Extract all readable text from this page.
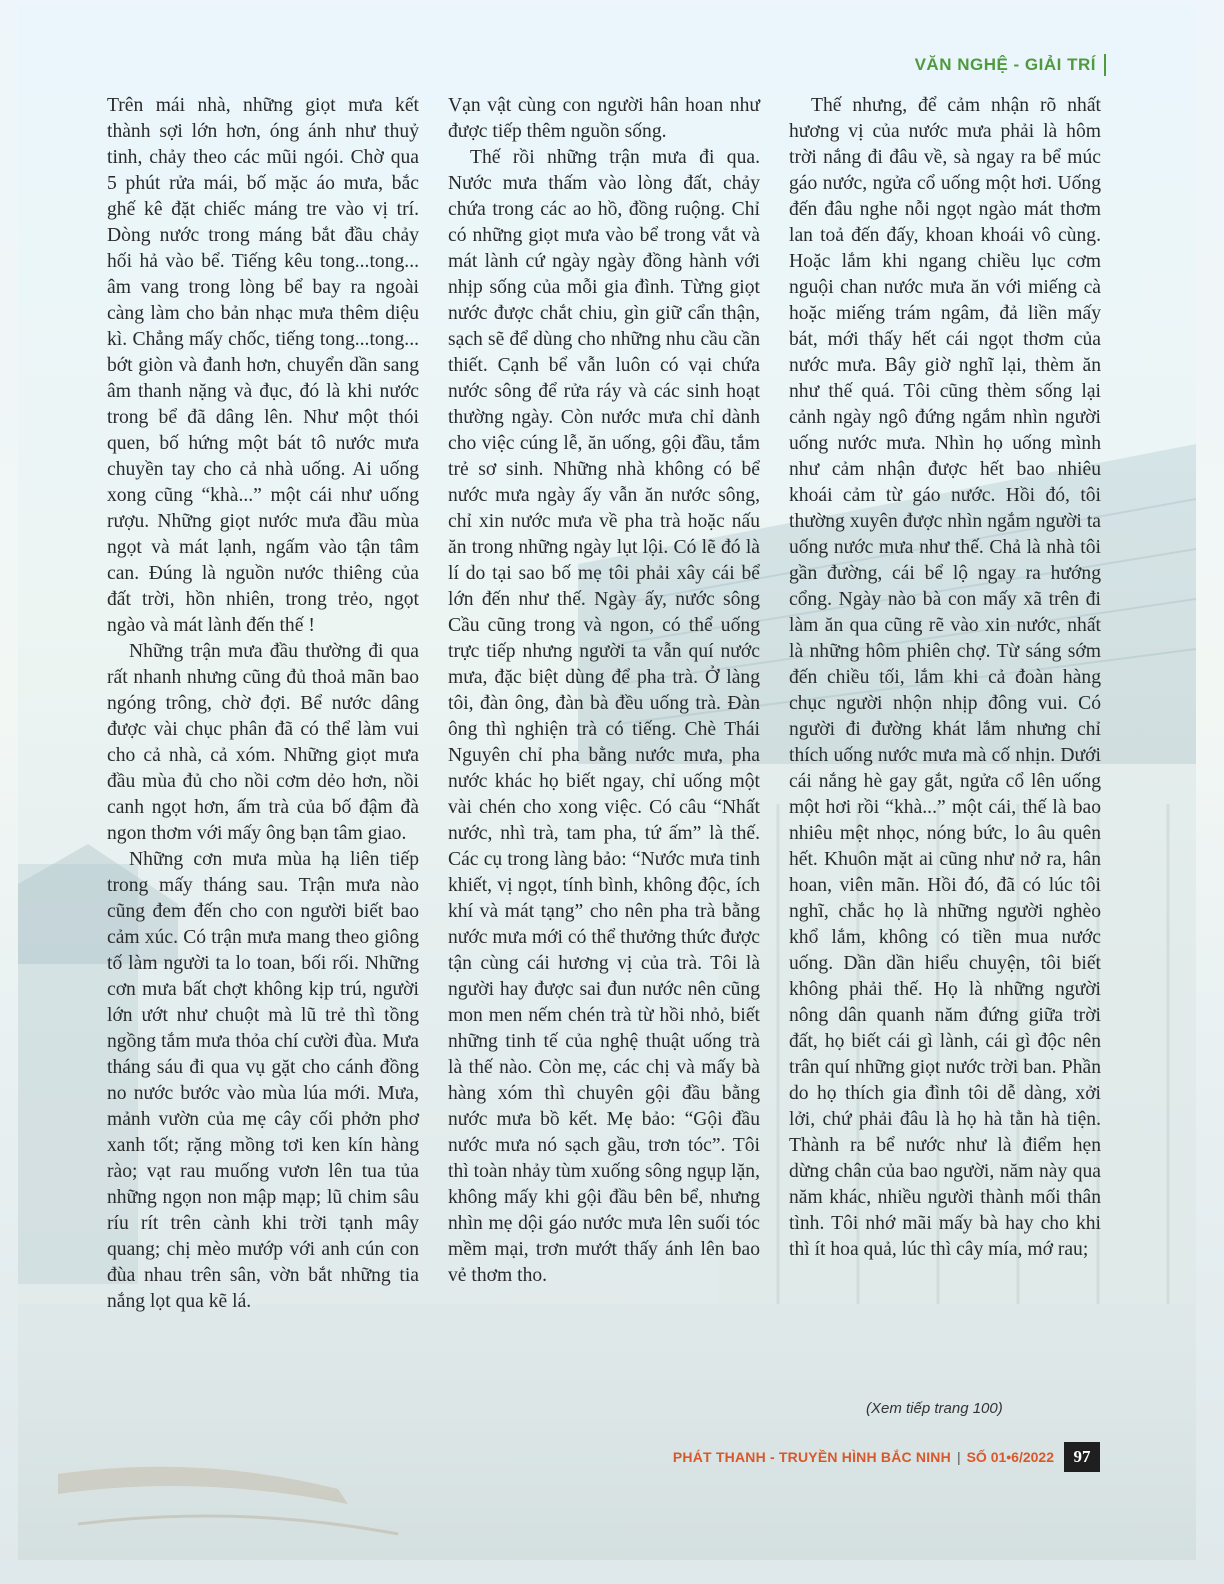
VĂN NGHỆ - GIẢI TRÍ

Trên mái nhà, những giọt mưa kết thành sợi lớn hơn, óng ánh như thuỷ tinh, chảy theo các mũi ngói. Chờ qua 5 phút rửa mái, bố mặc áo mưa, bắc ghế kê đặt chiếc máng tre vào vị trí. Dòng nước trong máng bắt đầu chảy hối hả vào bể. Tiếng kêu tong...tong... âm vang trong lòng bể bay ra ngoài càng làm cho bản nhạc mưa thêm diệu kì. Chẳng mấy chốc, tiếng tong...tong... bớt giòn và đanh hơn, chuyển dần sang âm thanh nặng và đục, đó là khi nước trong bể đã dâng lên. Như một thói quen, bố hứng một bát tô nước mưa chuyền tay cho cả nhà uống. Ai uống xong cũng “khà...” một cái như uống rượu. Những giọt nước mưa đầu mùa ngọt và mát lạnh, ngấm vào tận tâm can. Đúng là nguồn nước thiêng của đất trời, hồn nhiên, trong trẻo, ngọt ngào và mát lành đến thế !

Những trận mưa đầu thường đi qua rất nhanh nhưng cũng đủ thoả mãn bao ngóng trông, chờ đợi. Bể nước dâng được vài chục phân đã có thể làm vui cho cả nhà, cả xóm. Những giọt mưa đầu mùa đủ cho nồi cơm dẻo hơn, nồi canh ngọt hơn, ấm trà của bố đậm đà ngon thơm với mấy ông bạn tâm giao.

Những cơn mưa mùa hạ liên tiếp trong mấy tháng sau. Trận mưa nào cũng đem đến cho con người biết bao cảm xúc. Có trận mưa mang theo giông tố làm người ta lo toan, bối rối. Những cơn mưa bất chợt không kịp trú, người lớn ướt như chuột mà lũ trẻ thì tồng ngồng tắm mưa thỏa chí cười đùa. Mưa tháng sáu đi qua vụ gặt cho cánh đồng no nước bước vào mùa lúa mới. Mưa, mảnh vườn của mẹ cây cối phởn phơ xanh tốt; rặng mồng tơi ken kín hàng rào; vạt rau muống vươn lên tua tủa những ngọn non mập mạp; lũ chim sâu ríu rít trên cành khi trời tạnh mây quang; chị mèo mướp với anh cún con đùa nhau trên sân, vờn bắt những tia nắng lọt qua kẽ lá.

Vạn vật cùng con người hân hoan như được tiếp thêm nguồn sống.

Thế rồi những trận mưa đi qua. Nước mưa thấm vào lòng đất, chảy chứa trong các ao hồ, đồng ruộng. Chỉ có những giọt mưa vào bể trong vắt và mát lành cứ ngày ngày đồng hành với nhịp sống của mỗi gia đình. Từng giọt nước được chắt chiu, gìn giữ cẩn thận, sạch sẽ để dùng cho những nhu cầu cần thiết. Cạnh bể vẫn luôn có vại chứa nước sông để rửa ráy và các sinh hoạt thường ngày. Còn nước mưa chỉ dành cho việc cúng lễ, ăn uống, gội đầu, tắm trẻ sơ sinh. Những nhà không có bể nước mưa ngày ấy vẫn ăn nước sông, chỉ xin nước mưa về pha trà hoặc nấu ăn trong những ngày lụt lội. Có lẽ đó là lí do tại sao bố mẹ tôi phải xây cái bể lớn đến như thế. Ngày ấy, nước sông Cầu cũng trong và ngon, có thể uống trực tiếp nhưng người ta vẫn quí nước mưa, đặc biệt dùng để pha trà. Ở làng tôi, đàn ông, đàn bà đều uống trà. Đàn ông thì nghiện trà có tiếng. Chè Thái Nguyên chỉ pha bằng nước mưa, pha nước khác họ biết ngay, chỉ uống một vài chén cho xong việc. Có câu “Nhất nước, nhì trà, tam pha, tứ ấm” là thế. Các cụ trong làng bảo: “Nước mưa tinh khiết, vị ngọt, tính bình, không độc, ích khí và mát tạng” cho nên pha trà bằng nước mưa mới có thể thưởng thức được tận cùng cái hương vị của trà. Tôi là người hay được sai đun nước nên cũng mon men nếm chén trà từ hồi nhỏ, biết những tinh tế của nghệ thuật uống trà là thế nào. Còn mẹ, các chị và mấy bà hàng xóm thì chuyên gội đầu bằng nước mưa bồ kết. Mẹ bảo: “Gội đầu nước mưa nó sạch gầu, trơn tóc”. Tôi thì toàn nhảy tùm xuống sông ngụp lặn, không mấy khi gội đầu bên bể, nhưng nhìn mẹ dội gáo nước mưa lên suối tóc mềm mại, trơn mướt thấy ánh lên bao vẻ thơm tho.

Thế nhưng, để cảm nhận rõ nhất hương vị của nước mưa phải là hôm trời nắng đi đâu về, sà ngay ra bể múc gáo nước, ngửa cổ uống một hơi. Uống đến đâu nghe nỗi ngọt ngào mát thơm lan toả đến đấy, khoan khoái vô cùng. Hoặc lắm khi ngang chiều lục cơm nguội chan nước mưa ăn với miếng cà hoặc miếng trám ngâm, đả liền mấy bát, mới thấy hết cái ngọt thơm của nước mưa. Bây giờ nghĩ lại, thèm ăn như thế quá. Tôi cũng thèm sống lại cảnh ngày ngô đứng ngắm nhìn người uống nước mưa. Nhìn họ uống mình như cảm nhận được hết bao nhiêu khoái cảm từ gáo nước. Hồi đó, tôi thường xuyên được nhìn ngắm người ta uống nước mưa như thế. Chả là nhà tôi gần đường, cái bể lộ ngay ra hướng cổng. Ngày nào bà con mấy xã trên đi làm ăn qua cũng rẽ vào xin nước, nhất là những hôm phiên chợ. Từ sáng sớm đến chiều tối, lắm khi cả đoàn hàng chục người nhộn nhịp đông vui. Có người đi đường khát lắm nhưng chỉ thích uống nước mưa mà cố nhịn. Dưới cái nắng hè gay gắt, ngửa cổ lên uống một hơi rồi “khà...” một cái, thế là bao nhiêu mệt nhọc, nóng bức, lo âu quên hết. Khuôn mặt ai cũng như nở ra, hân hoan, viên mãn. Hồi đó, đã có lúc tôi nghĩ, chắc họ là những người nghèo khổ lắm, không có tiền mua nước uống. Dần dần hiểu chuyện, tôi biết không phải thế. Họ là những người nông dân quanh năm đứng giữa trời đất, họ biết cái gì lành, cái gì độc nên trân quí những giọt nước trời ban. Phần do họ thích gia đình tôi dễ dàng, xởi lởi, chứ phải đâu là họ hà tằn hà tiện. Thành ra bể nước như là điểm hẹn dừng chân của bao người, năm này qua năm khác, nhiều người thành mối thân tình. Tôi nhớ mãi mấy bà hay cho khi thì ít hoa quả, lúc thì cây mía, mớ rau;

(Xem tiếp trang 100)
PHÁT THANH - TRUYỀN HÌNH BẮC NINH | SỐ 01•6/2022	97
